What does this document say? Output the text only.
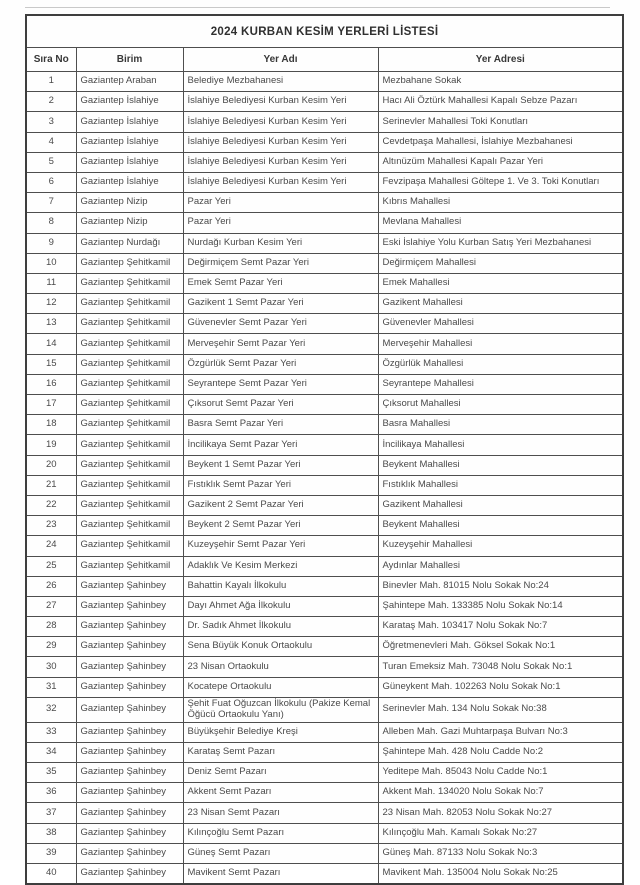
2024 KURBAN KESİM YERLERİ LİSTESİ			
Sıra No	Birim	Yer Adı	Yer Adresi
1	Gaziantep Araban	Belediye Mezbahanesi	Mezbahane Sokak
2	Gaziantep İslahiye	İslahiye Belediyesi Kurban Kesim Yeri	Hacı Ali Öztürk Mahallesi Kapalı Sebze Pazarı
3	Gaziantep İslahiye	İslahiye Belediyesi Kurban Kesim Yeri	Serinevler Mahallesi Toki Konutları
4	Gaziantep İslahiye	İslahiye Belediyesi Kurban Kesim Yeri	Cevdetpaşa Mahallesi, İslahiye Mezbahanesi
5	Gaziantep İslahiye	İslahiye Belediyesi Kurban Kesim Yeri	Altınüzüm Mahallesi Kapalı Pazar Yeri
6	Gaziantep İslahiye	İslahiye Belediyesi Kurban Kesim Yeri	Fevzipaşa Mahallesi Göltepe 1. Ve 3. Toki Konutları
7	Gaziantep Nizip	Pazar Yeri	Kıbrıs Mahallesi
8	Gaziantep Nizip	Pazar Yeri	Mevlana Mahallesi
9	Gaziantep Nurdağı	Nurdağı Kurban Kesim Yeri	Eski İslahiye Yolu Kurban Satış Yeri Mezbahanesi
10	Gaziantep Şehitkamil	Değirmiçem Semt Pazar Yeri	Değirmiçem Mahallesi
11	Gaziantep Şehitkamil	Emek Semt Pazar Yeri	Emek Mahallesi
12	Gaziantep Şehitkamil	Gazikent 1 Semt Pazar Yeri	Gazikent Mahallesi
13	Gaziantep Şehitkamil	Güvenevler Semt Pazar Yeri	Güvenevler Mahallesi
14	Gaziantep Şehitkamil	Merveşehir Semt Pazar Yeri	Merveşehir Mahallesi
15	Gaziantep Şehitkamil	Özgürlük Semt Pazar Yeri	Özgürlük Mahallesi
16	Gaziantep Şehitkamil	Seyrantepe Semt Pazar Yeri	Seyrantepe Mahallesi
17	Gaziantep Şehitkamil	Çıksorut Semt Pazar Yeri	Çıksorut Mahallesi
18	Gaziantep Şehitkamil	Basra Semt Pazar Yeri	Basra Mahallesi
19	Gaziantep Şehitkamil	İncilikaya Semt Pazar Yeri	İncilikaya Mahallesi
20	Gaziantep Şehitkamil	Beykent 1 Semt Pazar Yeri	Beykent Mahallesi
21	Gaziantep Şehitkamil	Fıstıklık Semt Pazar Yeri	Fıstıklık Mahallesi
22	Gaziantep Şehitkamil	Gazikent 2 Semt Pazar Yeri	Gazikent Mahallesi
23	Gaziantep Şehitkamil	Beykent 2 Semt Pazar Yeri	Beykent Mahallesi
24	Gaziantep Şehitkamil	Kuzeyşehir Semt Pazar Yeri	Kuzeyşehir Mahallesi
25	Gaziantep Şehitkamil	Adaklık Ve Kesim Merkezi	Aydınlar Mahallesi
26	Gaziantep Şahinbey	Bahattin Kayalı İlkokulu	Binevler Mah. 81015 Nolu Sokak No:24
27	Gaziantep Şahinbey	Dayı Ahmet Ağa İlkokulu	Şahintepe Mah. 133385 Nolu Sokak No:14
28	Gaziantep Şahinbey	Dr. Sadık Ahmet İlkokulu	Karataş Mah. 103417 Nolu Sokak No:7
29	Gaziantep Şahinbey	Sena Büyük Konuk Ortaokulu	Öğretmenevleri Mah. Göksel Sokak No:1
30	Gaziantep Şahinbey	23 Nisan Ortaokulu	Turan Emeksiz Mah. 73048 Nolu Sokak No:1
31	Gaziantep Şahinbey	Kocatepe Ortaokulu	Güneykent Mah. 102263 Nolu Sokak No:1
32	Gaziantep Şahinbey	Şehit Fuat Oğuzcan İlkokulu (Pakize Kemal Öğücü Ortaokulu Yanı)	Serinevler Mah. 134 Nolu Sokak No:38
33	Gaziantep Şahinbey	Büyükşehir Belediye Kreşi	Alleben Mah. Gazi Muhtarpaşa Bulvarı No:3
34	Gaziantep Şahinbey	Karataş Semt Pazarı	Şahintepe Mah. 428 Nolu Cadde No:2
35	Gaziantep Şahinbey	Deniz Semt Pazarı	Yeditepe Mah. 85043 Nolu Cadde No:1
36	Gaziantep Şahinbey	Akkent Semt Pazarı	Akkent Mah. 134020 Nolu Sokak No:7
37	Gaziantep Şahinbey	23 Nisan Semt Pazarı	23 Nisan Mah. 82053 Nolu Sokak No:27
38	Gaziantep Şahinbey	Kılınçoğlu Semt Pazarı	Kılınçoğlu Mah. Kamalı Sokak No:27
39	Gaziantep Şahinbey	Güneş Semt Pazarı	Güneş Mah. 87133 Nolu Sokak No:3
40	Gaziantep Şahinbey	Mavikent Semt Pazarı	Mavikent Mah. 135004 Nolu Sokak No:25
